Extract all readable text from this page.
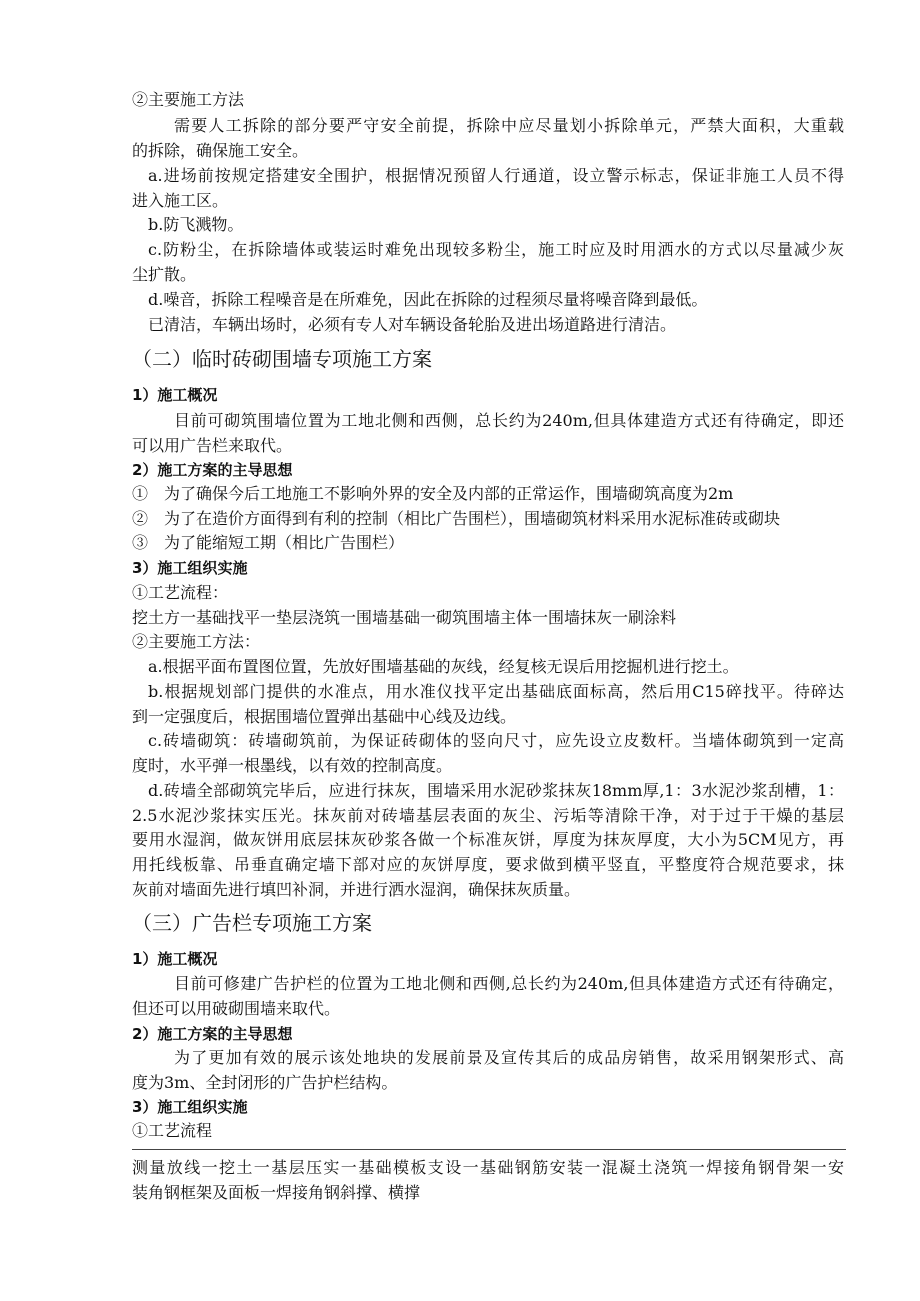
②主要施工方法
需要人工拆除的部分要严守安全前提，拆除中应尽量划小拆除单元，严禁大面积，大重载
的拆除，确保施工安全。
a.进场前按规定搭建安全围护，根据情况预留人行通道，设立警示标志，保证非施工人员不得
进入施工区。
b.防飞溅物。
c.防粉尘，在拆除墙体或装运时难免出现较多粉尘，施工时应及时用洒水的方式以尽量减少灰
尘扩散。
d.噪音，拆除工程噪音是在所难免，因此在拆除的过程须尽量将噪音降到最低。
已清洁，车辆出场时，必须有专人对车辆设备轮胎及进出场道路进行清洁。
（二）临时砖砌围墙专项施工方案
1）施工概况
目前可砌筑围墙位置为工地北侧和西侧，总长约为240m,但具体建造方式还有待确定，即还
可以用广告栏来取代。
2）施工方案的主导思想
①　为了确保今后工地施工不影响外界的安全及内部的正常运作，围墙砌筑高度为2m
②　为了在造价方面得到有利的控制（相比广告围栏），围墙砌筑材料采用水泥标准砖或砌块
③　为了能缩短工期（相比广告围栏）
3）施工组织实施
①工艺流程：
挖土方一基础找平一垫层浇筑一围墙基础一砌筑围墙主体一围墙抹灰一刷涂料
②主要施工方法：
a.根据平面布置图位置，先放好围墙基础的灰线，经复核无误后用挖掘机进行挖土。
b.根据规划部门提供的水准点，用水准仪找平定出基础底面标高，然后用C15碎找平。待碎达
到一定强度后，根据围墙位置弹出基础中心线及边线。
c.砖墙砌筑：砖墙砌筑前，为保证砖砌体的竖向尺寸，应先设立皮数杆。当墙体砌筑到一定高
度时，水平弹一根墨线，以有效的控制高度。
d.砖墙全部砌筑完毕后，应进行抹灰，围墙采用水泥砂浆抹灰18mm厚,1：3水泥沙浆刮槽，1：
2.5水泥沙浆抹实压光。抹灰前对砖墙基层表面的灰尘、污垢等清除干净，对于过于干燥的基层
要用水湿润，做灰饼用底层抹灰砂浆各做一个标准灰饼，厚度为抹灰厚度，大小为5CM见方，再
用托线板靠、吊垂直确定墙下部对应的灰饼厚度，要求做到横平竖直，平整度符合规范要求，抹
灰前对墙面先进行填凹补洞，并进行洒水湿润，确保抹灰质量。
（三）广告栏专项施工方案
1）施工概况
目前可修建广告护栏的位置为工地北侧和西侧,总长约为240m,但具体建造方式还有待确定，
但还可以用破砌围墙来取代。
2）施工方案的主导思想
为了更加有效的展示该处地块的发展前景及宣传其后的成品房销售，故采用钢架形式、高
度为3m、全封闭形的广告护栏结构。
3）施工组织实施
①工艺流程
测量放线一挖土一基层压实一基础模板支设一基础钢筋安装一混凝土浇筑一焊接角钢骨架一安
装角钢框架及面板一焊接角钢斜撑、横撑
